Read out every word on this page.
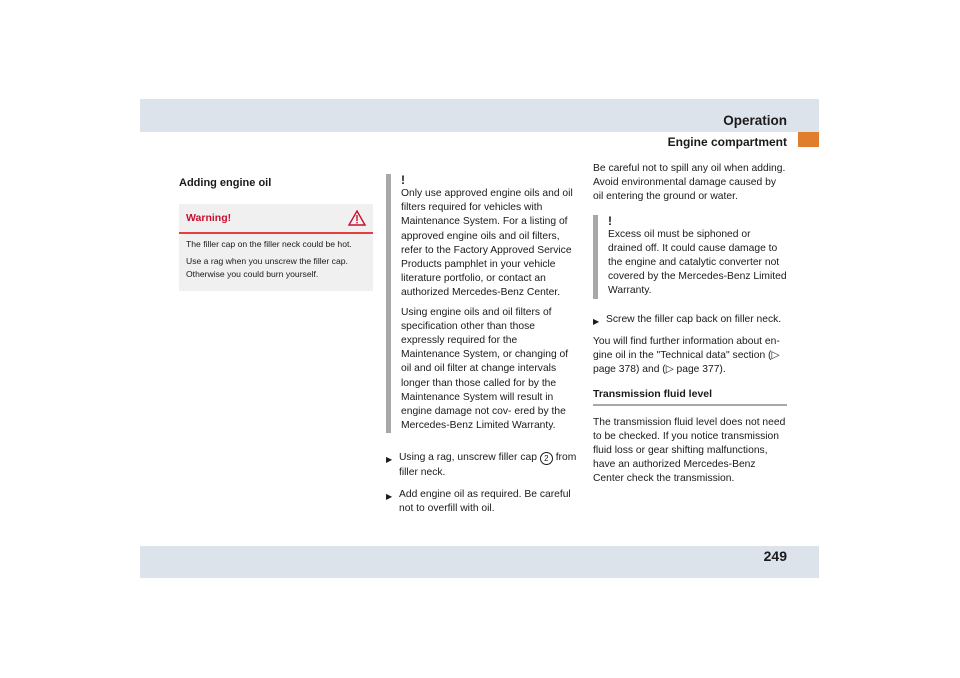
Operation
Engine compartment
Adding engine oil
Warning!

The filler cap on the filler neck could be hot.

Use a rag when you unscrew the filler cap. Otherwise you could burn yourself.

!

Only use approved engine oils and oil filters required for vehicles with Maintenance System. For a listing of approved engine oils and oil filters, refer to the Factory Approved Service Products pamphlet in your vehicle literature portfolio, or contact an authorized Mercedes-Benz Center.

Using engine oils and oil filters of specification other than those expressly required for the Maintenance System, or changing of oil and oil filter at change intervals longer than those called for by the Maintenance System will result in engine damage not cov- ered by the Mercedes-Benz Limited Warranty.

▶ Using a rag, unscrew filler cap 2 from filler neck.
▶ Add engine oil as required. Be careful not to overfill with oil.

Be careful not to spill any oil when adding. Avoid environmental damage caused by oil entering the ground or water.

!

Excess oil must be siphoned or drained off. It could cause damage to the engine and catalytic converter not covered by the Mercedes-Benz Limited Warranty.

▶ Screw the filler cap back on filler neck.

You will find further information about en- gine oil in the "Technical data" section (▷ page 378) and (▷ page 377).

Transmission fluid level

The transmission fluid level does not need to be checked. If you notice transmission fluid loss or gear shifting malfunctions, have an authorized Mercedes-Benz Center check the transmission.

249
